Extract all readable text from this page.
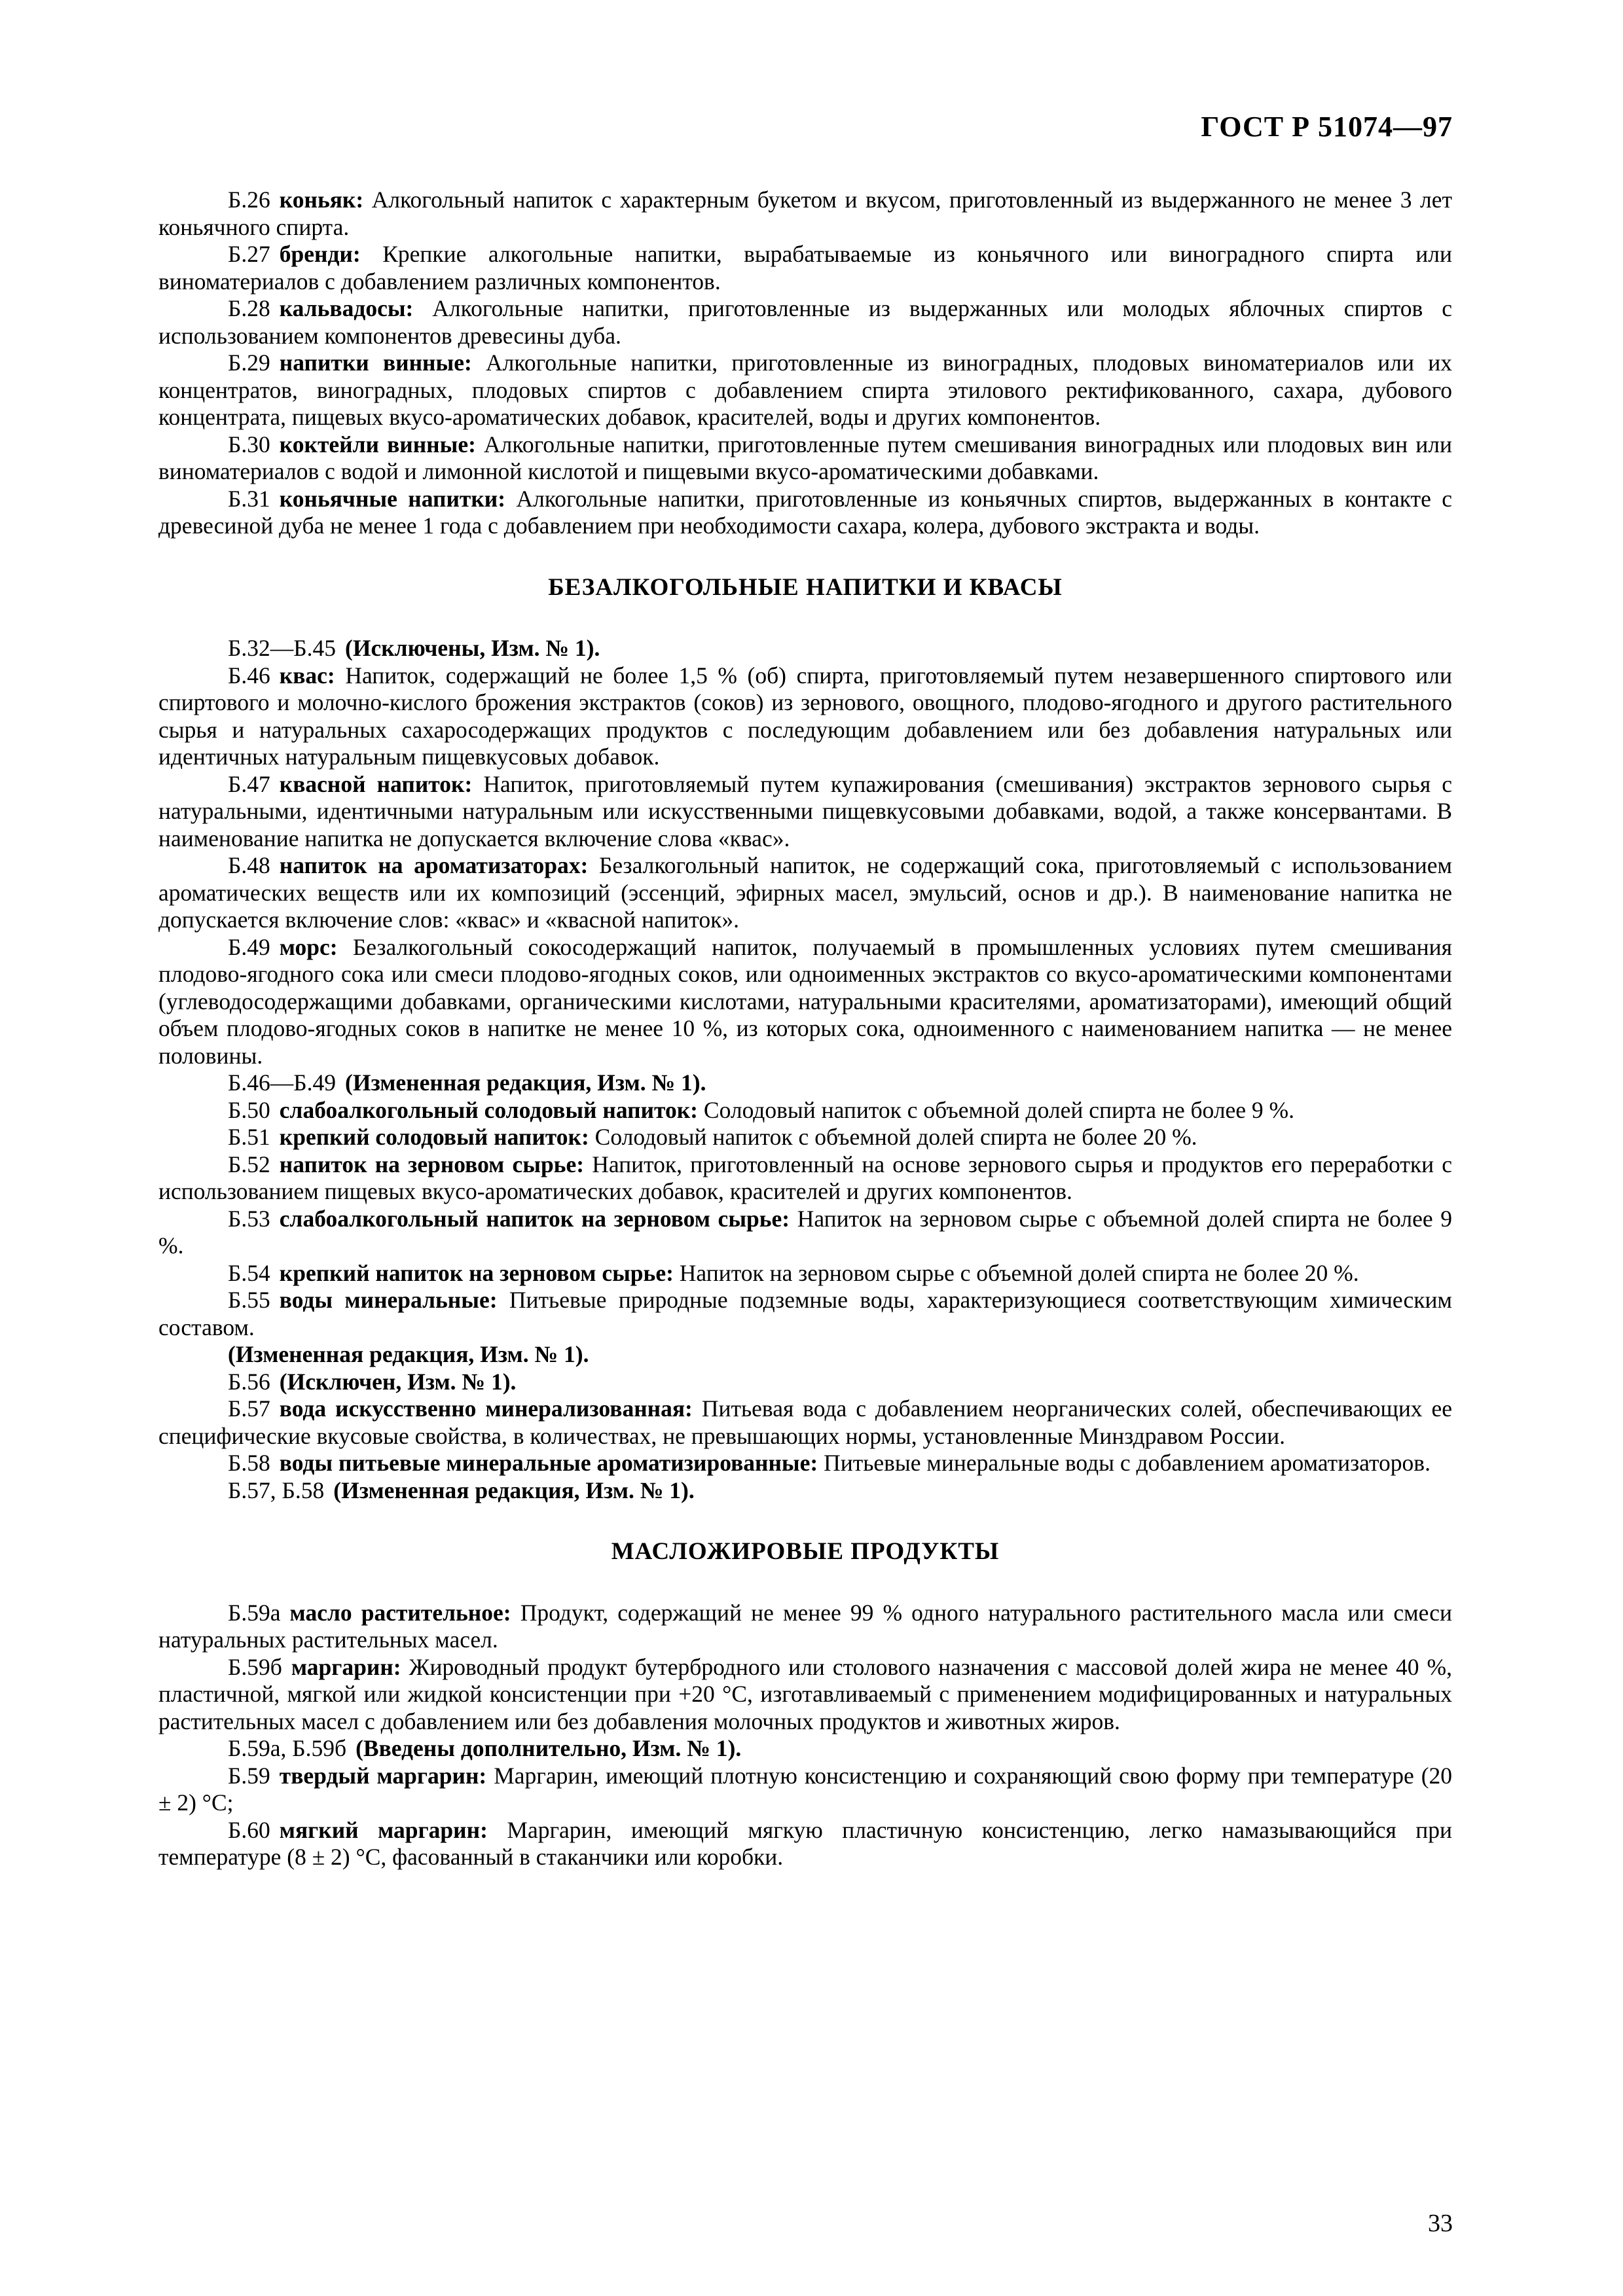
ГОСТ Р 51074—97

Б.26 коньяк: Алкогольный напиток с характерным букетом и вкусом, приготовленный из выдержанного не менее 3 лет коньячного спирта.

Б.27 бренди: Крепкие алкогольные напитки, вырабатываемые из коньячного или виноградного спирта или виноматериалов с добавлением различных компонентов.

Б.28 кальвадосы: Алкогольные напитки, приготовленные из выдержанных или молодых яблочных спиртов с использованием компонентов древесины дуба.

Б.29 напитки винные: Алкогольные напитки, приготовленные из виноградных, плодовых виноматериалов или их концентратов, виноградных, плодовых спиртов с добавлением спирта этилового ректификованного, сахара, дубового концентрата, пищевых вкусо-ароматических добавок, красителей, воды и других компонентов.

Б.30 коктейли винные: Алкогольные напитки, приготовленные путем смешивания виноградных или плодовых вин или виноматериалов с водой и лимонной кислотой и пищевыми вкусо-ароматическими добавками.

Б.31 коньячные напитки: Алкогольные напитки, приготовленные из коньячных спиртов, выдержанных в контакте с древесиной дуба не менее 1 года с добавлением при необходимости сахара, колера, дубового экстракта и воды.

БЕЗАЛКОГОЛЬНЫЕ НАПИТКИ И КВАСЫ

Б.32—Б.45 (Исключены, Изм. № 1).

Б.46 квас: Напиток, содержащий не более 1,5 % (об) спирта, приготовляемый путем незавершенного спиртового или спиртового и молочно-кислого брожения экстрактов (соков) из зернового, овощного, плодово-ягодного и другого растительного сырья и натуральных сахаросодержащих продуктов с последующим добавлением или без добавления натуральных или идентичных натуральным пищевкусовых добавок.

Б.47 квасной напиток: Напиток, приготовляемый путем купажирования (смешивания) экстрактов зернового сырья с натуральными, идентичными натуральным или искусственными пищевкусовыми добавками, водой, а также консервантами. В наименование напитка не допускается включение слова «квас».

Б.48 напиток на ароматизаторах: Безалкогольный напиток, не содержащий сока, приготовляемый с использованием ароматических веществ или их композиций (эссенций, эфирных масел, эмульсий, основ и др.). В наименование напитка не допускается включение слов: «квас» и «квасной напиток».

Б.49 морс: Безалкогольный сокосодержащий напиток, получаемый в промышленных условиях путем смешивания плодово-ягодного сока или смеси плодово-ягодных соков, или одноименных экстрактов со вкусо-ароматическими компонентами (углеводосодержащими добавками, органическими кислотами, натуральными красителями, ароматизаторами), имеющий общий объем плодово-ягодных соков в напитке не менее 10 %, из которых сока, одноименного с наименованием напитка — не менее половины.

Б.46—Б.49 (Измененная редакция, Изм. № 1).

Б.50 слабоалкогольный солодовый напиток: Солодовый напиток с объемной долей спирта не более 9 %.

Б.51 крепкий солодовый напиток: Солодовый напиток с объемной долей спирта не более 20 %.

Б.52 напиток на зерновом сырье: Напиток, приготовленный на основе зернового сырья и продуктов его переработки с использованием пищевых вкусо-ароматических добавок, красителей и других компонентов.

Б.53 слабоалкогольный напиток на зерновом сырье: Напиток на зерновом сырье с объемной долей спирта не более 9 %.

Б.54 крепкий напиток на зерновом сырье: Напиток на зерновом сырье с объемной долей спирта не более 20 %.

Б.55 воды минеральные: Питьевые природные подземные воды, характеризующиеся соответствующим химическим составом.

(Измененная редакция, Изм. № 1).

Б.56 (Исключен, Изм. № 1).

Б.57 вода искусственно минерализованная: Питьевая вода с добавлением неорганических солей, обеспечивающих ее специфические вкусовые свойства, в количествах, не превышающих нормы, установленные Минздравом России.

Б.58 воды питьевые минеральные ароматизированные: Питьевые минеральные воды с добавлением ароматизаторов.

Б.57, Б.58 (Измененная редакция, Изм. № 1).

МАСЛОЖИРОВЫЕ ПРОДУКТЫ

Б.59а масло растительное: Продукт, содержащий не менее 99 % одного натурального растительного масла или смеси натуральных растительных масел.

Б.59б маргарин: Жироводный продукт бутербродного или столового назначения с массовой долей жира не менее 40 %, пластичной, мягкой или жидкой консистенции при +20 °C, изготавливаемый с применением модифицированных и натуральных растительных масел с добавлением или без добавления молочных продуктов и животных жиров.

Б.59а, Б.59б (Введены дополнительно, Изм. № 1).

Б.59 твердый маргарин: Маргарин, имеющий плотную консистенцию и сохраняющий свою форму при температуре (20 ± 2) °C;

Б.60 мягкий маргарин: Маргарин, имеющий мягкую пластичную консистенцию, легко намазывающийся при температуре (8 ± 2) °C, фасованный в стаканчики или коробки.

33
